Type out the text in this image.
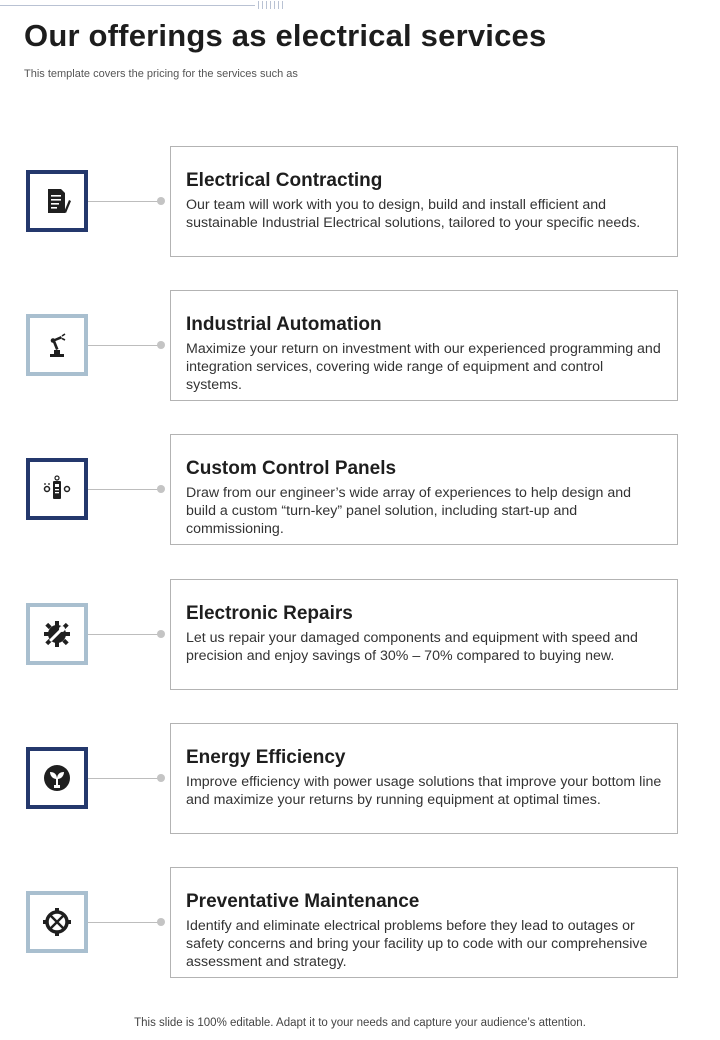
Our offerings as electrical services
This template covers the pricing for the services such as
Electrical Contracting

Our team will work with you to design, build and install efficient and sustainable Industrial Electrical solutions, tailored to your specific needs.

Industrial Automation

Maximize your return on investment with our experienced programming and integration services, covering wide range of equipment and control systems.

Custom Control Panels

Draw from our engineer’s wide array of experiences to help design and build a custom “turn-key” panel solution, including start-up and commissioning.

Electronic Repairs

Let us repair your damaged components and equipment with speed and precision and enjoy savings of 30% – 70% compared to buying new.

Energy Efficiency

Improve efficiency with power usage solutions that improve your bottom line and maximize your returns by running equipment at optimal times.

Preventative Maintenance

Identify and eliminate electrical problems before they lead to outages or safety concerns and bring your facility up to code with our comprehensive assessment and strategy.

This slide is 100% editable. Adapt it to your needs and capture your audience’s attention.
